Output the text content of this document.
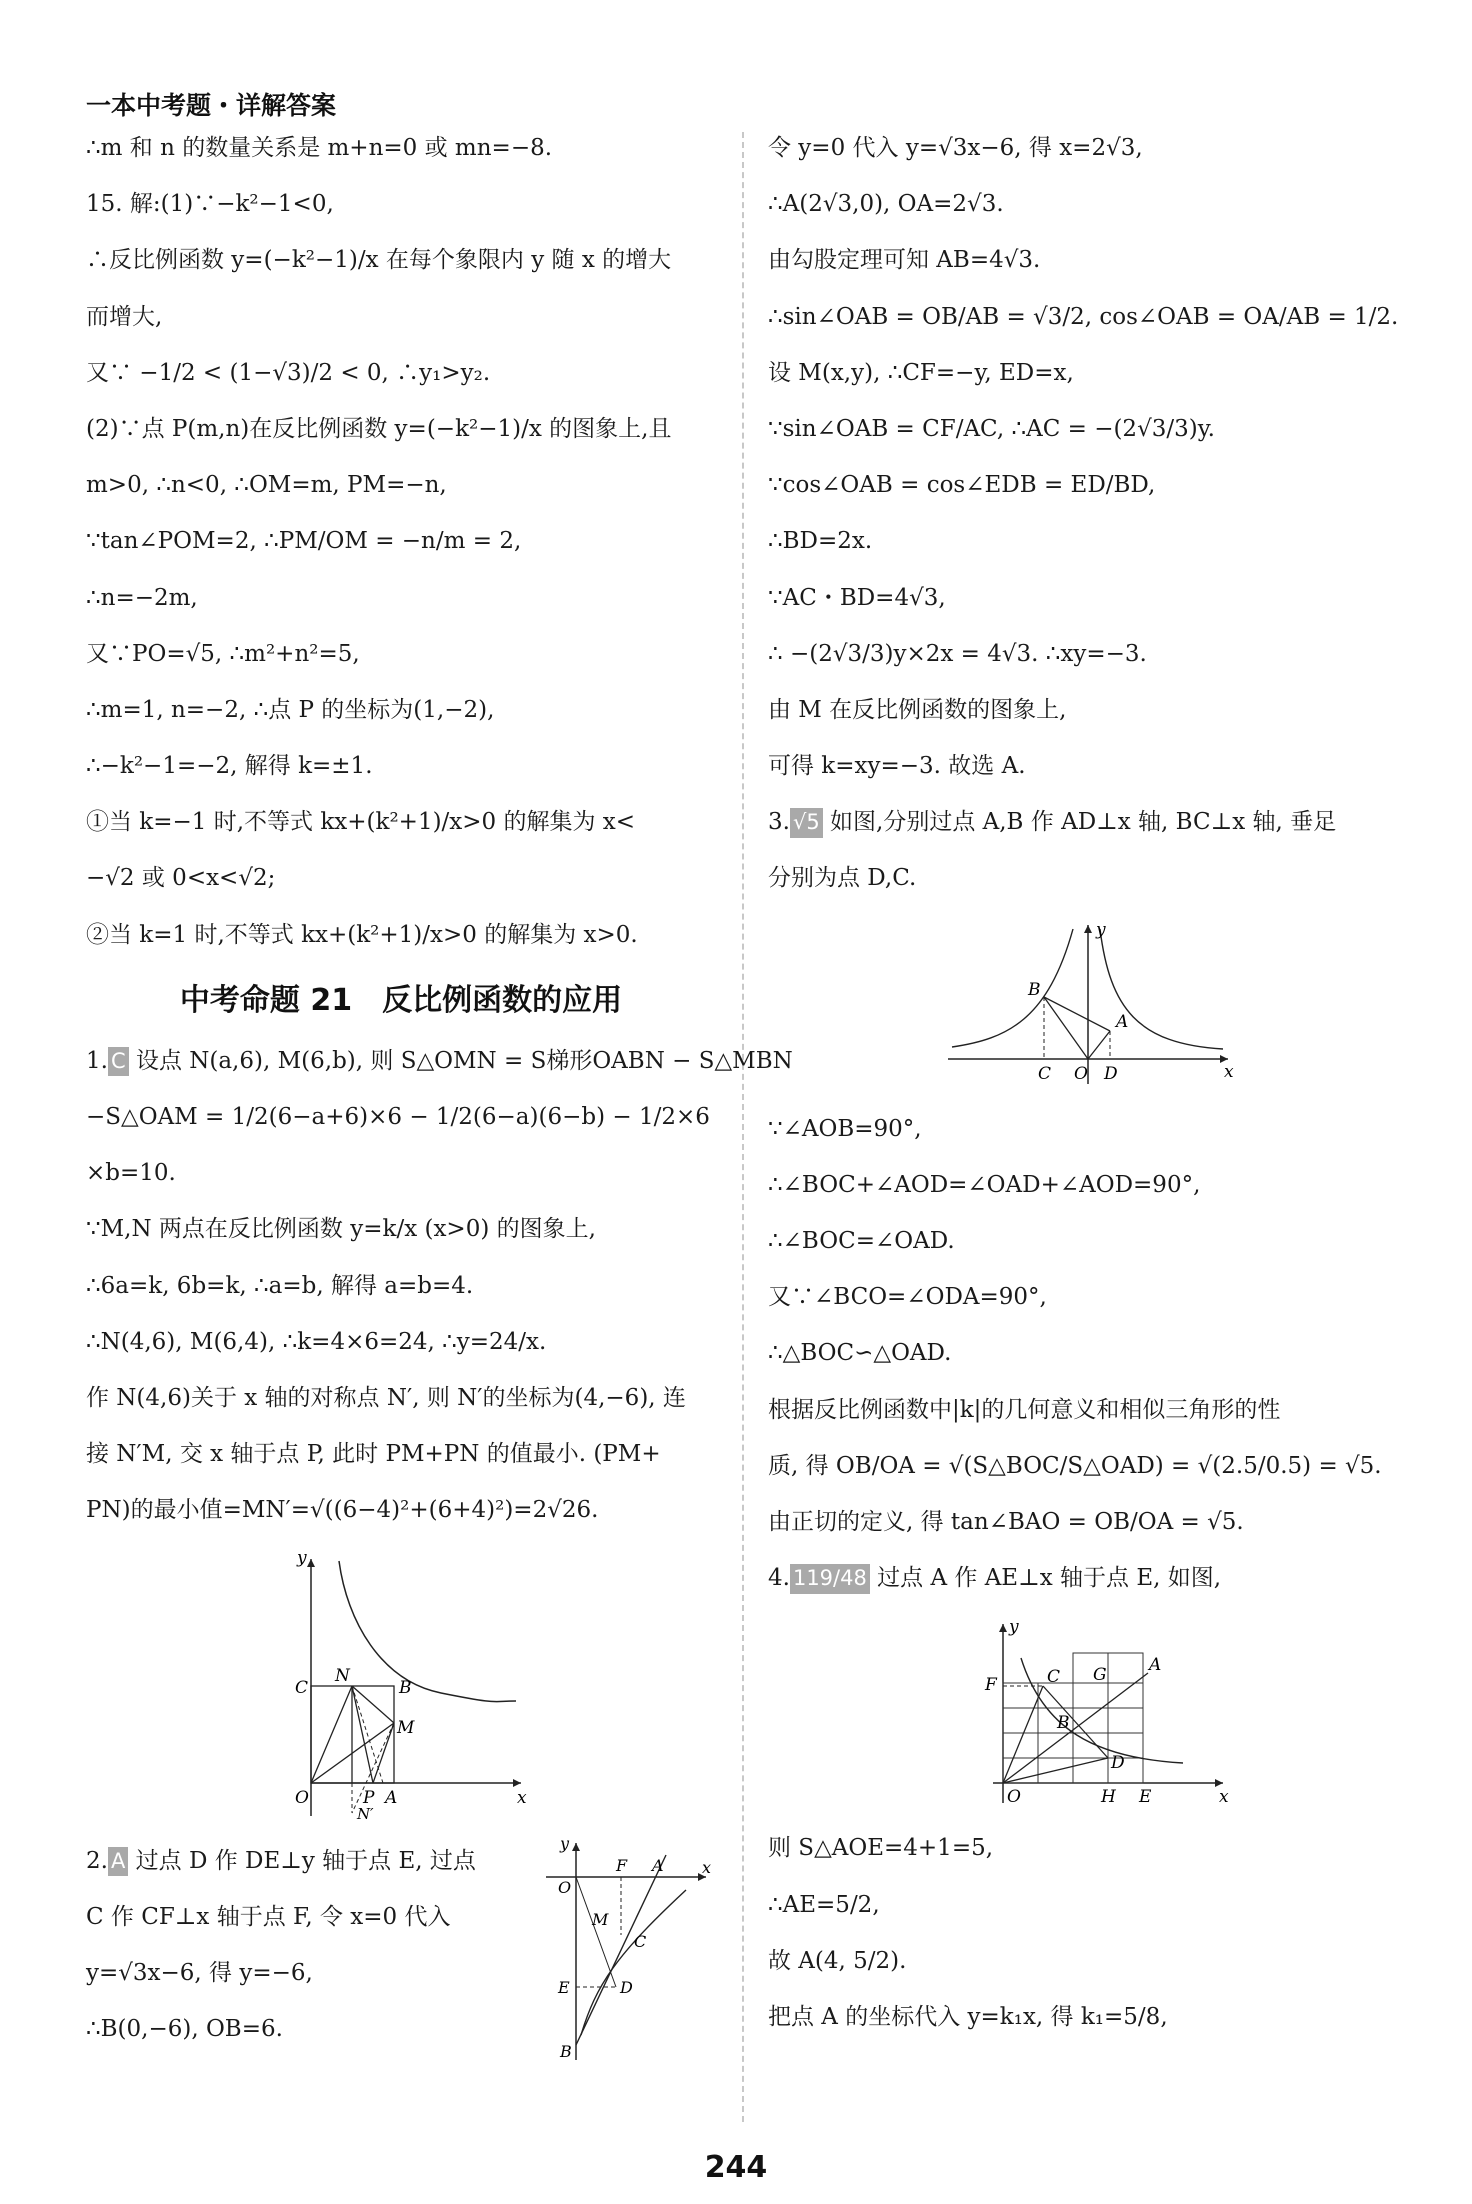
一本中考题・详解答案
∴m 和 n 的数量关系是 m+n=0 或 mn=−8.
15. 解:(1)∵−k²−1<0,
∴反比例函数 y=(−k²−1)/x 在每个象限内 y 随 x 的增大
而增大,
又∵ −1/2 < (1−√3)/2 < 0, ∴y₁>y₂.
(2)∵点 P(m,n)在反比例函数 y=(−k²−1)/x 的图象上,且
m>0, ∴n<0, ∴OM=m, PM=−n,
∵tan∠POM=2, ∴PM/OM = −n/m = 2,
∴n=−2m,
又∵PO=√5, ∴m²+n²=5,
∴m=1, n=−2, ∴点 P 的坐标为(1,−2),
∴−k²−1=−2, 解得 k=±1.
①当 k=−1 时,不等式 kx+(k²+1)/x>0 的解集为 x<
−√2 或 0<x<√2;
②当 k=1 时,不等式 kx+(k²+1)/x>0 的解集为 x>0.
中考命题 21　反比例函数的应用
1. C 设点 N(a,6), M(6,b), 则 S△OMN = S梯形OABN − S△MBN
−S△OAM = 1/2(6−a+6)×6 − 1/2(6−a)(6−b) − 1/2×6
×b=10.
∵M,N 两点在反比例函数 y=k/x (x>0) 的图象上,
∴6a=k, 6b=k, ∴a=b, 解得 a=b=4.
∴N(4,6), M(6,4), ∴k=4×6=24, ∴y=24/x.
作 N(4,6)关于 x 轴的对称点 N′, 则 N′的坐标为(4,−6), 连
接 N′M, 交 x 轴于点 P, 此时 PM+PN 的值最小. (PM+
PN)的最小值=MN′=√((6−4)²+(6+4)²)=2√26.
y
x
O
C
N
B
M
P A
N′
2. A 过点 D 作 DE⊥y 轴于点 E, 过点
C 作 CF⊥x 轴于点 F, 令 x=0 代入
y=√3x−6, 得 y=−6,
∴B(0,−6), OB=6.
y
x
O
F A
M
C
E	D
B
令 y=0 代入 y=√3x−6, 得 x=2√3,
∴A(2√3,0), OA=2√3.
由勾股定理可知 AB=4√3.
∴sin∠OAB = OB/AB = √3/2, cos∠OAB = OA/AB = 1/2.
设 M(x,y), ∴CF=−y, ED=x,
∵sin∠OAB = CF/AC, ∴AC = −(2√3/3)y.
∵cos∠OAB = cos∠EDB = ED/BD,
∴BD=2x.
∵AC・BD=4√3,
∴ −(2√3/3)y×2x = 4√3. ∴xy=−3.
由 M 在反比例函数的图象上,
可得 k=xy=−3. 故选 A.
3. √5 如图,分别过点 A,B 作 AD⊥x 轴, BC⊥x 轴, 垂足
分别为点 D,C.
y
x
B
A
C O D
∵∠AOB=90°,
∴∠BOC+∠AOD=∠OAD+∠AOD=90°,
∴∠BOC=∠OAD.
又∵∠BCO=∠ODA=90°,
∴△BOC∽△OAD.
根据反比例函数中|k|的几何意义和相似三角形的性
质, 得 OB/OA = √(S△BOC/S△OAD) = √(2.5/0.5) = √5.
由正切的定义, 得 tan∠BAO = OB/OA = √5.
4. 119/48 过点 A 作 AE⊥x 轴于点 E, 如图,
y
x
O
F	C G A
B
D
H E
则 S△AOE=4+1=5,
∴AE=5/2,
故 A(4, 5/2).
把点 A 的坐标代入 y=k₁x, 得 k₁=5/8,
244
